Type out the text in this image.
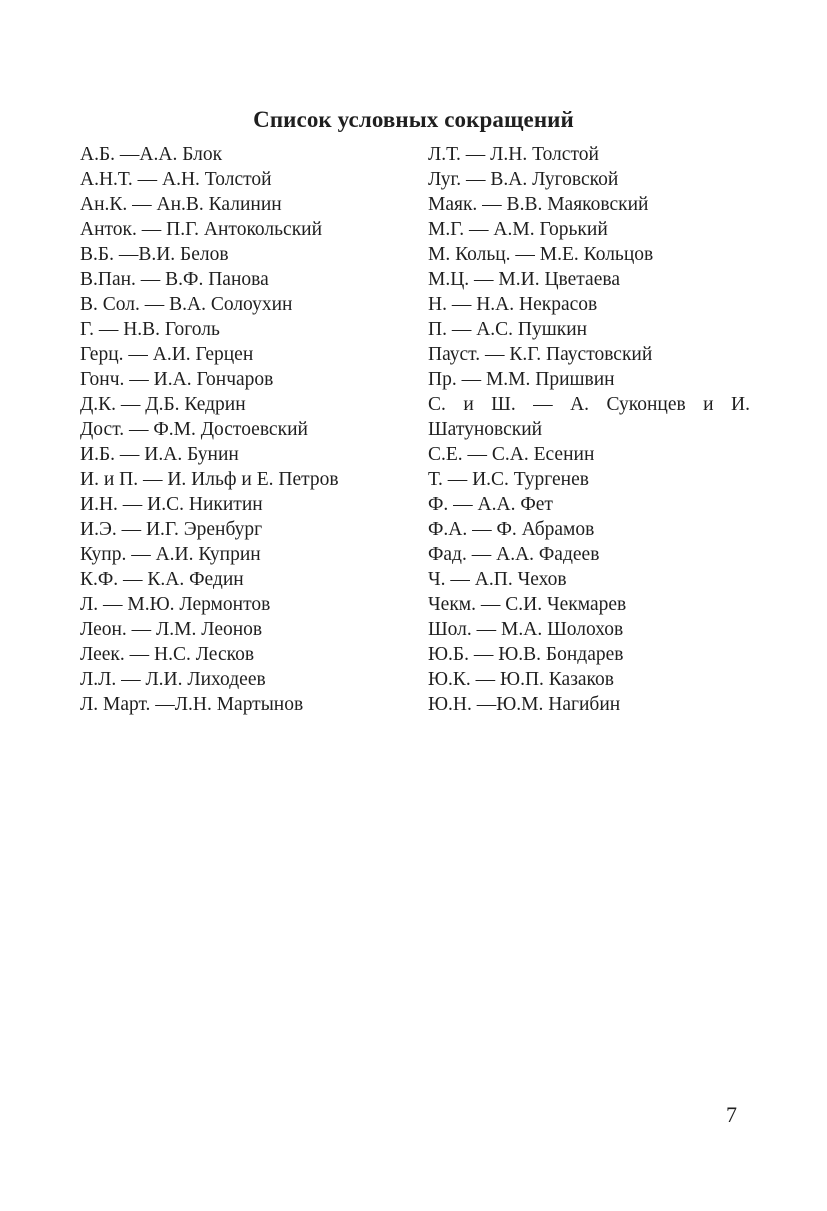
Список условных сокращений
А.Б. —А.А. Блок
А.Н.Т. — А.Н. Толстой
Ан.К. — Ан.В. Калинин
Анток. — П.Г. Антокольский
В.Б. —В.И. Белов
В.Пан. — В.Ф. Панова
В. Сол. — В.А. Солоухин
Г. — Н.В. Гоголь
Герц. — А.И. Герцен
Гонч. — И.А. Гончаров
Д.К. — Д.Б. Кедрин
Дост. — Ф.М. Достоевский
И.Б. — И.А. Бунин
И. и П. — И. Ильф и Е. Петров
И.Н. — И.С. Никитин
И.Э. — И.Г. Эренбург
Купр. — А.И. Куприн
К.Ф. — К.А. Федин
Л. — М.Ю. Лермонтов
Леон. — Л.М. Леонов
Леек. — Н.С. Лесков
Л.Л. — Л.И. Лиходеев
Л. Март. —Л.Н. Мартынов
Л.Т. — Л.Н. Толстой
Луг. — В.А. Луговской
Маяк. — В.В. Маяковский
М.Г. — А.М. Горький
М. Кольц. — М.Е. Кольцов
М.Ц. — М.И. Цветаева
Н. — Н.А. Некрасов
П. — А.С. Пушкин
Пауст. — К.Г. Паустовский
Пр. — М.М. Пришвин
С. и Ш. — А. Суконцев и И. Шатуновский
С.Е. — С.А. Есенин
Т. — И.С. Тургенев
Ф. — А.А. Фет
Ф.А. — Ф. Абрамов
Фад. — А.А. Фадеев
Ч. — А.П. Чехов
Чекм. — С.И. Чекмарев
Шол. — М.А. Шолохов
Ю.Б. — Ю.В. Бондарев
Ю.К. — Ю.П. Казаков
Ю.Н. —Ю.М. Нагибин
7
